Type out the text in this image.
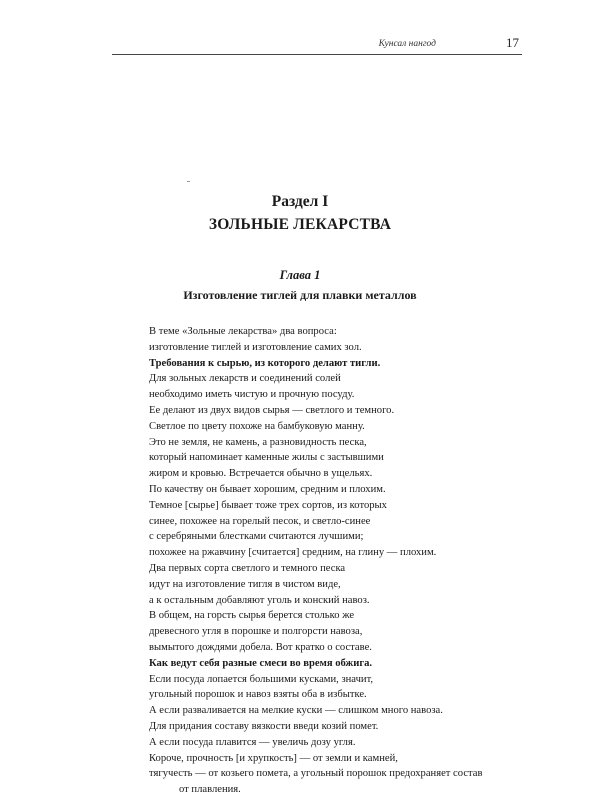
Кунсал нангод	17
Раздел I
ЗОЛЬНЫЕ ЛЕКАРСТВА
Глава 1
Изготовление тиглей для плавки металлов
В теме «Зольные лекарства» два вопроса:
изготовление тиглей и изготовление самих зол.
Требования к сырью, из которого делают тигли.
Для зольных лекарств и соединений солей
необходимо иметь чистую и прочную посуду.
Ее делают из двух видов сырья — светлого и темного.
Светлое по цвету похоже на бамбуковую манну.
Это не земля, не камень, а разновидность песка,
который напоминает каменные жилы с застывшими
жиром и кровью. Встречается обычно в ущельях.
По качеству он бывает хорошим, средним и плохим.
Темное [сырье] бывает тоже трех сортов, из которых
синее, похожее на горелый песок, и светло-синее
с серебряными блестками считаются лучшими;
похожее на ржавчину [считается] средним, на глину — плохим.
Два первых сорта светлого и темного песка
идут на изготовление тигля в чистом виде,
а к остальным добавляют уголь и конский навоз.
В общем, на горсть сырья берется столько же
древесного угля в порошке и полгорсти навоза,
вымытого дождями добела. Вот кратко о составе.
Как ведут себя разные смеси во время обжига.
Если посуда лопается большими кусками, значит,
угольный порошок и навоз взяты оба в избытке.
А если разваливается на мелкие куски — слишком много навоза.
Для придания составу вязкости введи козий помет.
А если посуда плавится — увеличь дозу угля.
Короче, прочность [и хрупкость] — от земли и камней,
тягучесть — от козьего помета, а угольный порошок предохраняет состав
от плавления.
